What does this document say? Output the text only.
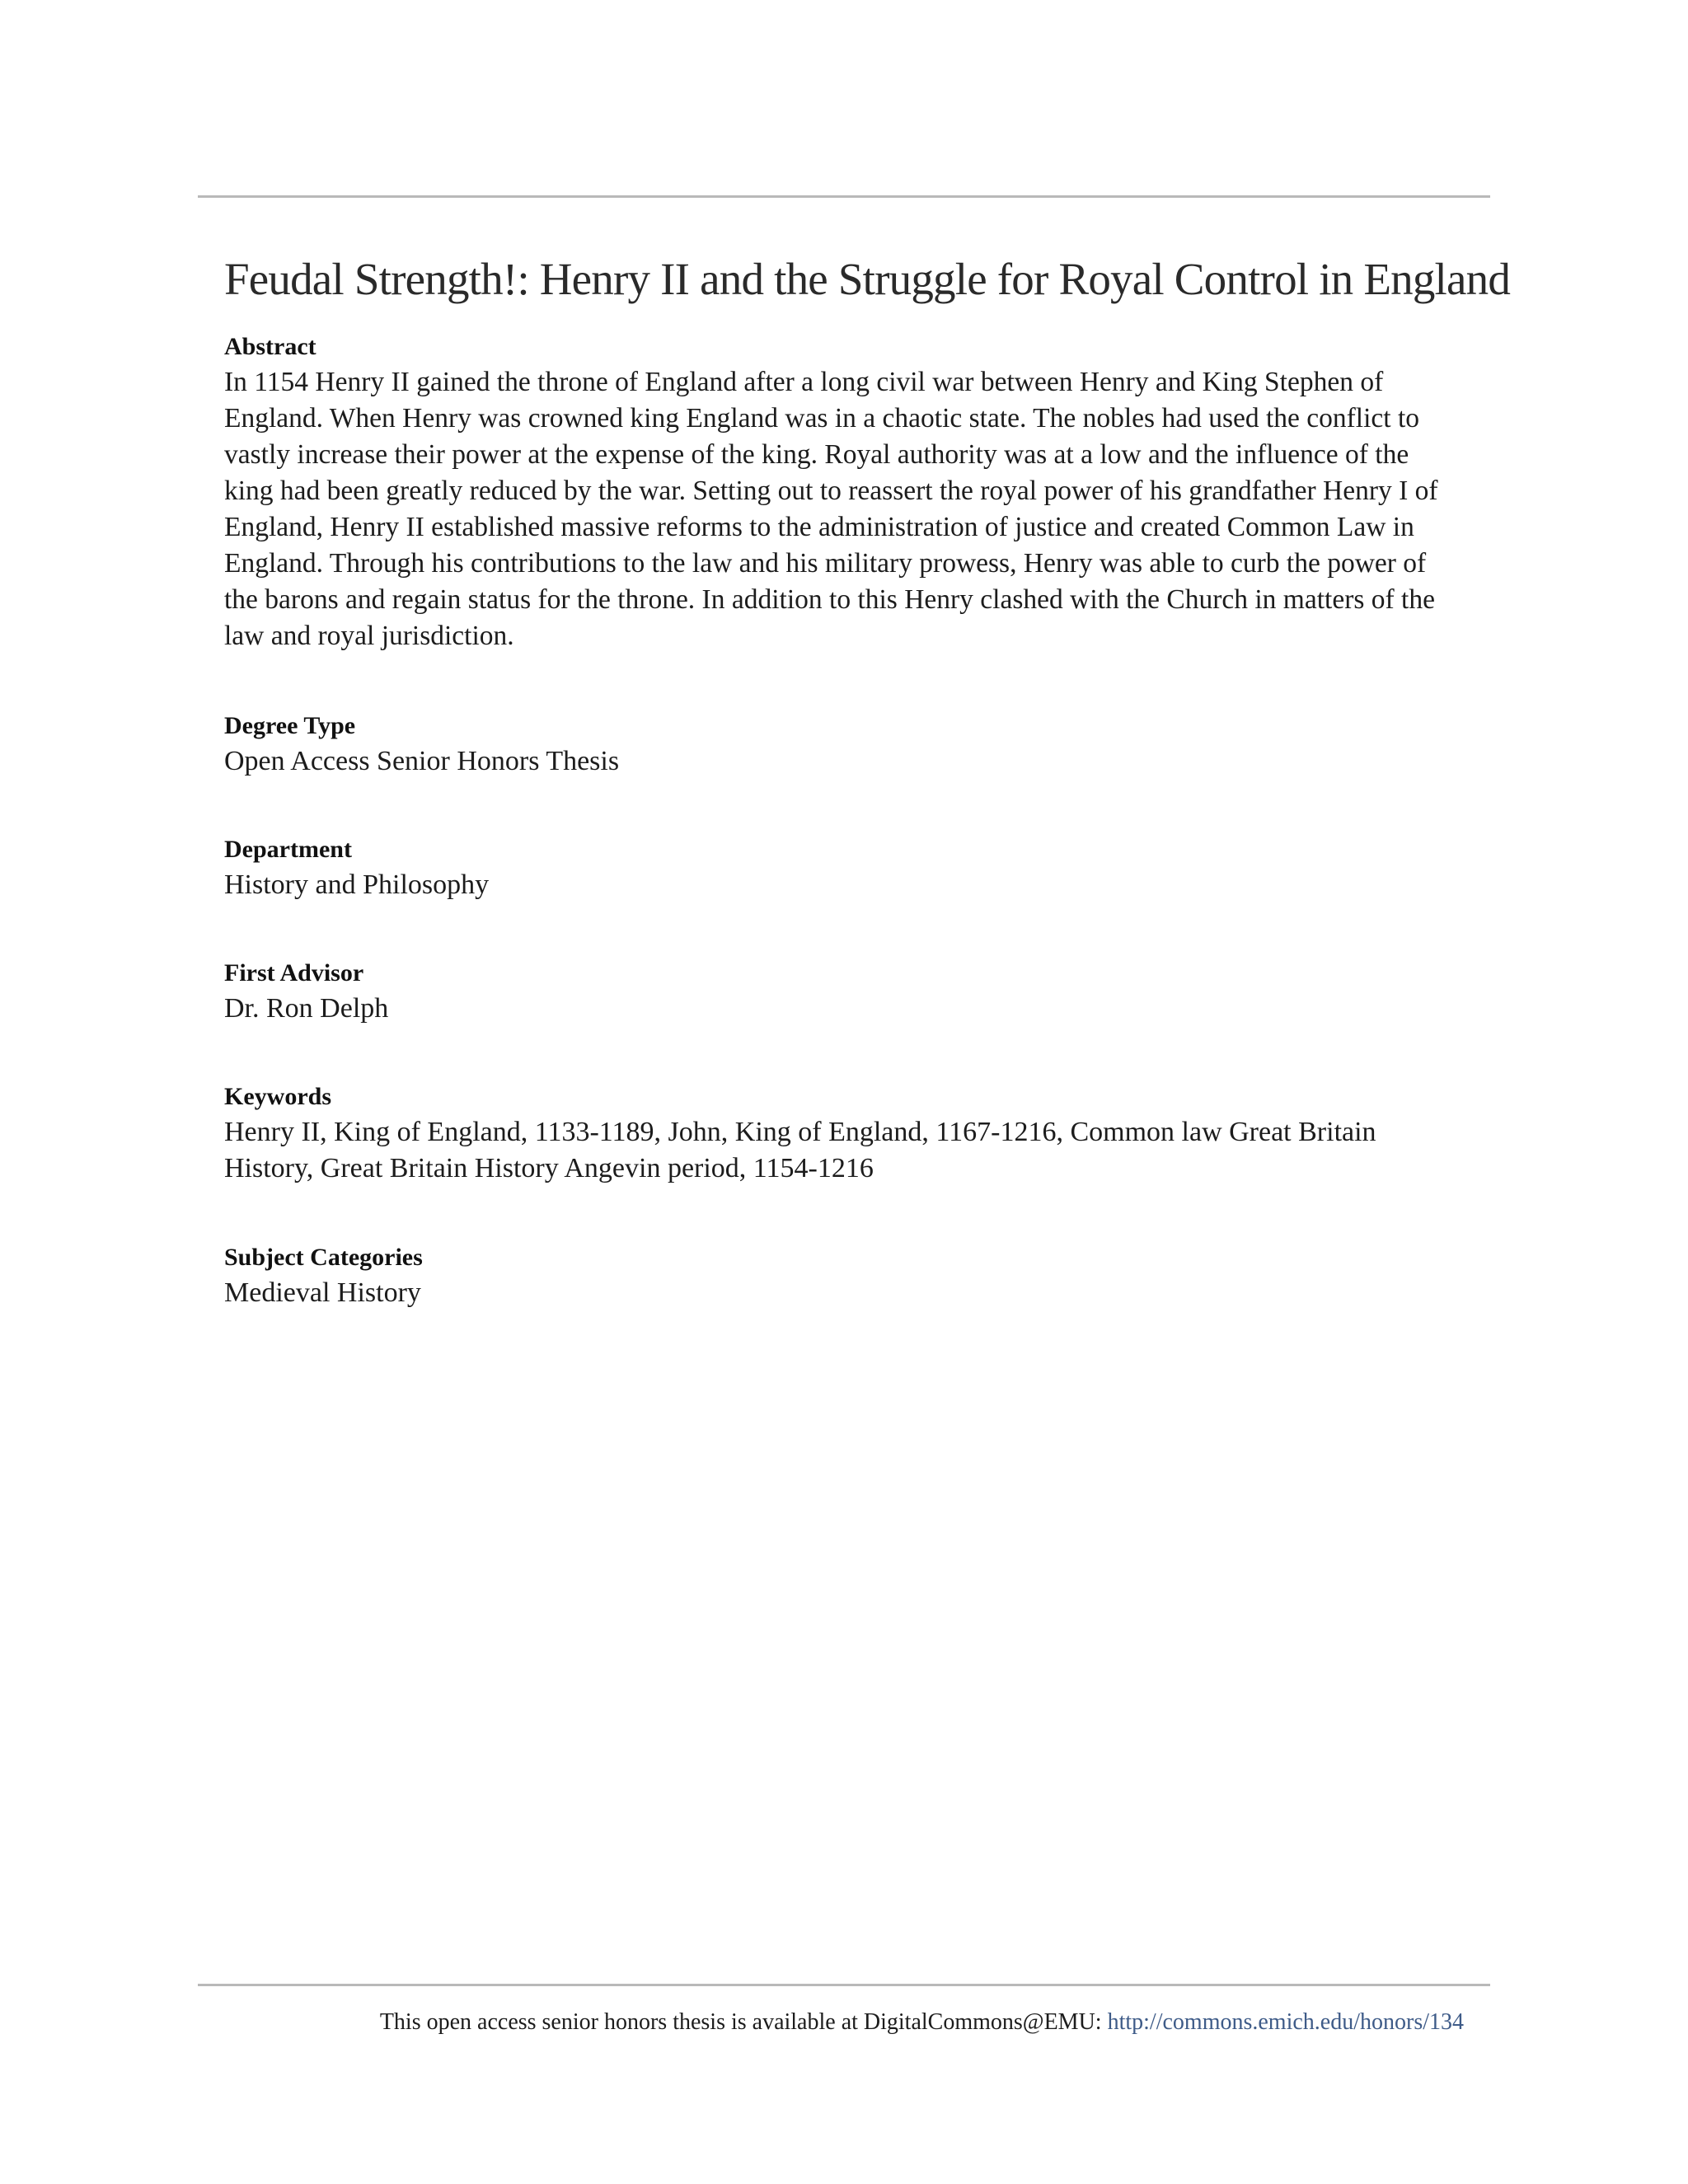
Feudal Strength!: Henry II and the Struggle for Royal Control in England
Abstract
In 1154 Henry II gained the throne of England after a long civil war between Henry and King Stephen of England. When Henry was crowned king England was in a chaotic state. The nobles had used the conflict to vastly increase their power at the expense of the king. Royal authority was at a low and the influence of the king had been greatly reduced by the war. Setting out to reassert the royal power of his grandfather Henry I of England, Henry II established massive reforms to the administration of justice and created Common Law in England. Through his contributions to the law and his military prowess, Henry was able to curb the power of the barons and regain status for the throne. In addition to this Henry clashed with the Church in matters of the law and royal jurisdiction.
Degree Type
Open Access Senior Honors Thesis
Department
History and Philosophy
First Advisor
Dr. Ron Delph
Keywords
Henry II, King of England, 1133-1189, John, King of England, 1167-1216, Common law Great Britain History, Great Britain History Angevin period, 1154-1216
Subject Categories
Medieval History
This open access senior honors thesis is available at DigitalCommons@EMU: http://commons.emich.edu/honors/134
